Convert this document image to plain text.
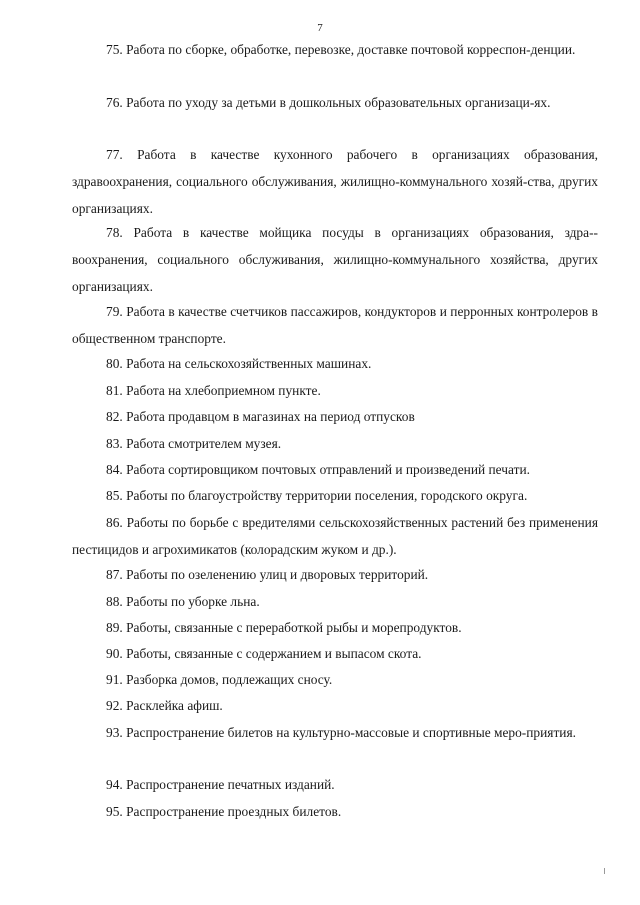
7

75. Работа по сборке, обработке, перевозке, доставке почтовой корреспон-денции.

76. Работа по уходу за детьми в дошкольных образовательных организаци-ях.

77. Работа в качестве кухонного рабочего в организациях образования, здравоохранения, социального обслуживания, жилищно-коммунального хозяй-ства, других организациях.

78. Работа в качестве мойщика посуды в организациях образования, здра-воохранения, социального обслуживания, жилищно-коммунального хозяйства, других организациях.

79. Работа в качестве счетчиков пассажиров, кондукторов и перронных контролеров в общественном транспорте.

80. Работа на сельскохозяйственных машинах.

81. Работа на хлебоприемном пункте.

82. Работа продавцом в магазинах на период отпусков

83. Работа смотрителем музея.

84. Работа сортировщиком почтовых отправлений и произведений печати.

85. Работы по благоустройству территории поселения, городского округа.

86. Работы по борьбе с вредителями сельскохозяйственных растений без применения пестицидов и агрохимикатов (колорадским жуком и др.).

87. Работы по озеленению улиц и дворовых территорий.

88. Работы по уборке льна.

89. Работы, связанные с переработкой рыбы и морепродуктов.

90. Работы, связанные с содержанием и выпасом скота.

91. Разборка домов, подлежащих сносу.

92. Расклейка афиш.

93. Распространение билетов на культурно-массовые и спортивные меро-приятия.

94. Распространение печатных изданий.

95. Распространение проездных билетов.
